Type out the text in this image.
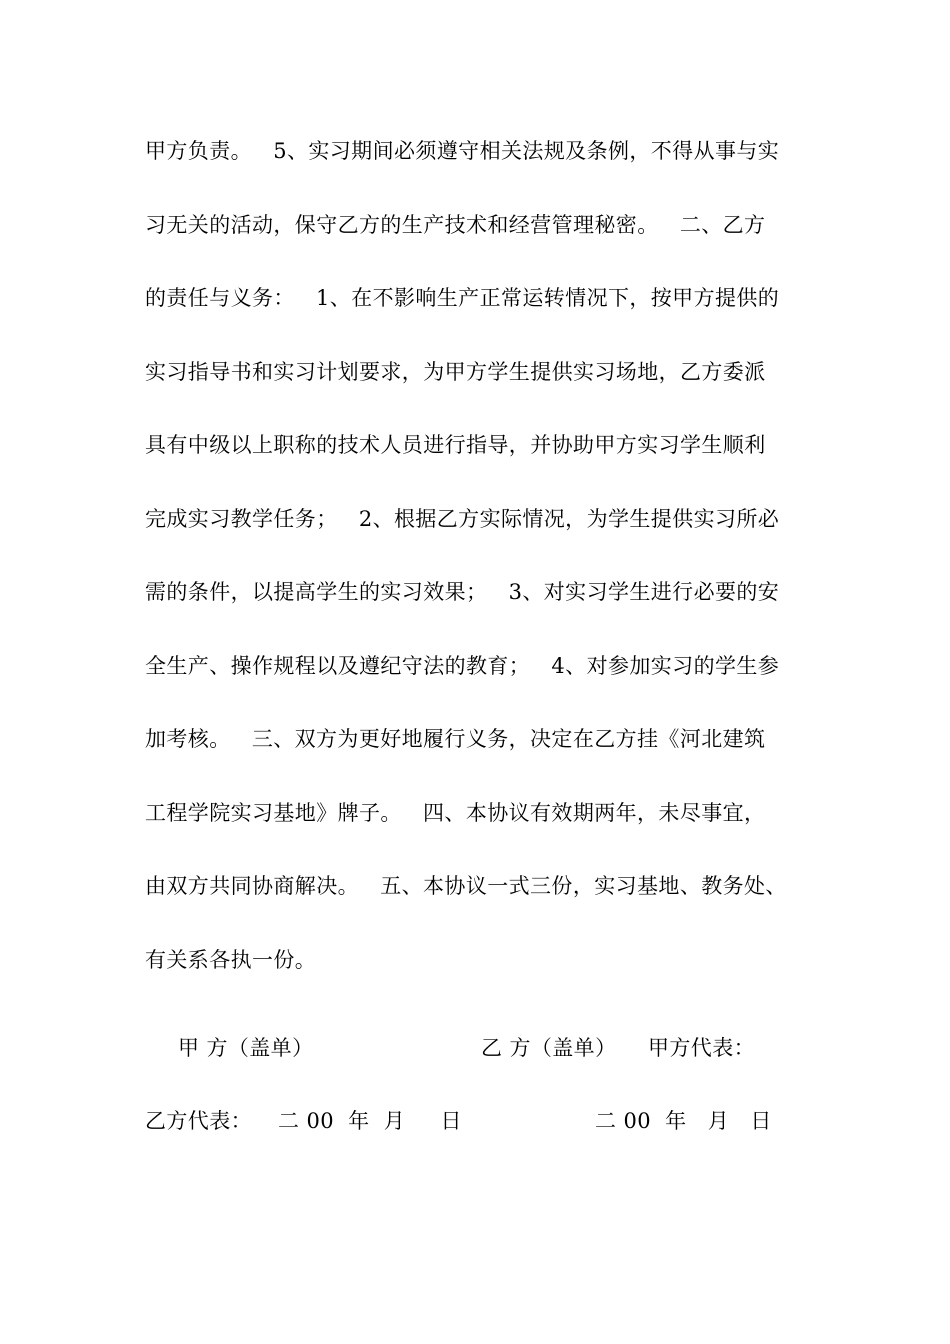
甲方负责。   5、实习期间必须遵守相关法规及条例，不得从事与实
习无关的活动，保守乙方的生产技术和经营管理秘密。   二、乙方
的责任与义务：   1、在不影响生产正常运转情况下，按甲方提供的
实习指导书和实习计划要求，为甲方学生提供实习场地，乙方委派
具有中级以上职称的技术人员进行指导，并协助甲方实习学生顺利
完成实习教学任务；   2、根据乙方实际情况，为学生提供实习所必
需的条件，以提高学生的实习效果；   3、对实习学生进行必要的安
全生产、操作规程以及遵纪守法的教育；   4、对参加实习的学生参
加考核。   三、双方为更好地履行义务，决定在乙方挂《河北建筑
工程学院实习基地》牌子。   四、本协议有效期两年，未尽事宜，
由双方共同协商解决。   五、本协议一式三份，实习基地、教务处、
有关系各执一份。
甲 方（盖单）	乙 方（盖单） 甲方代表：
乙方代表： 二 00  年  月     日	二 00  年   月   日
